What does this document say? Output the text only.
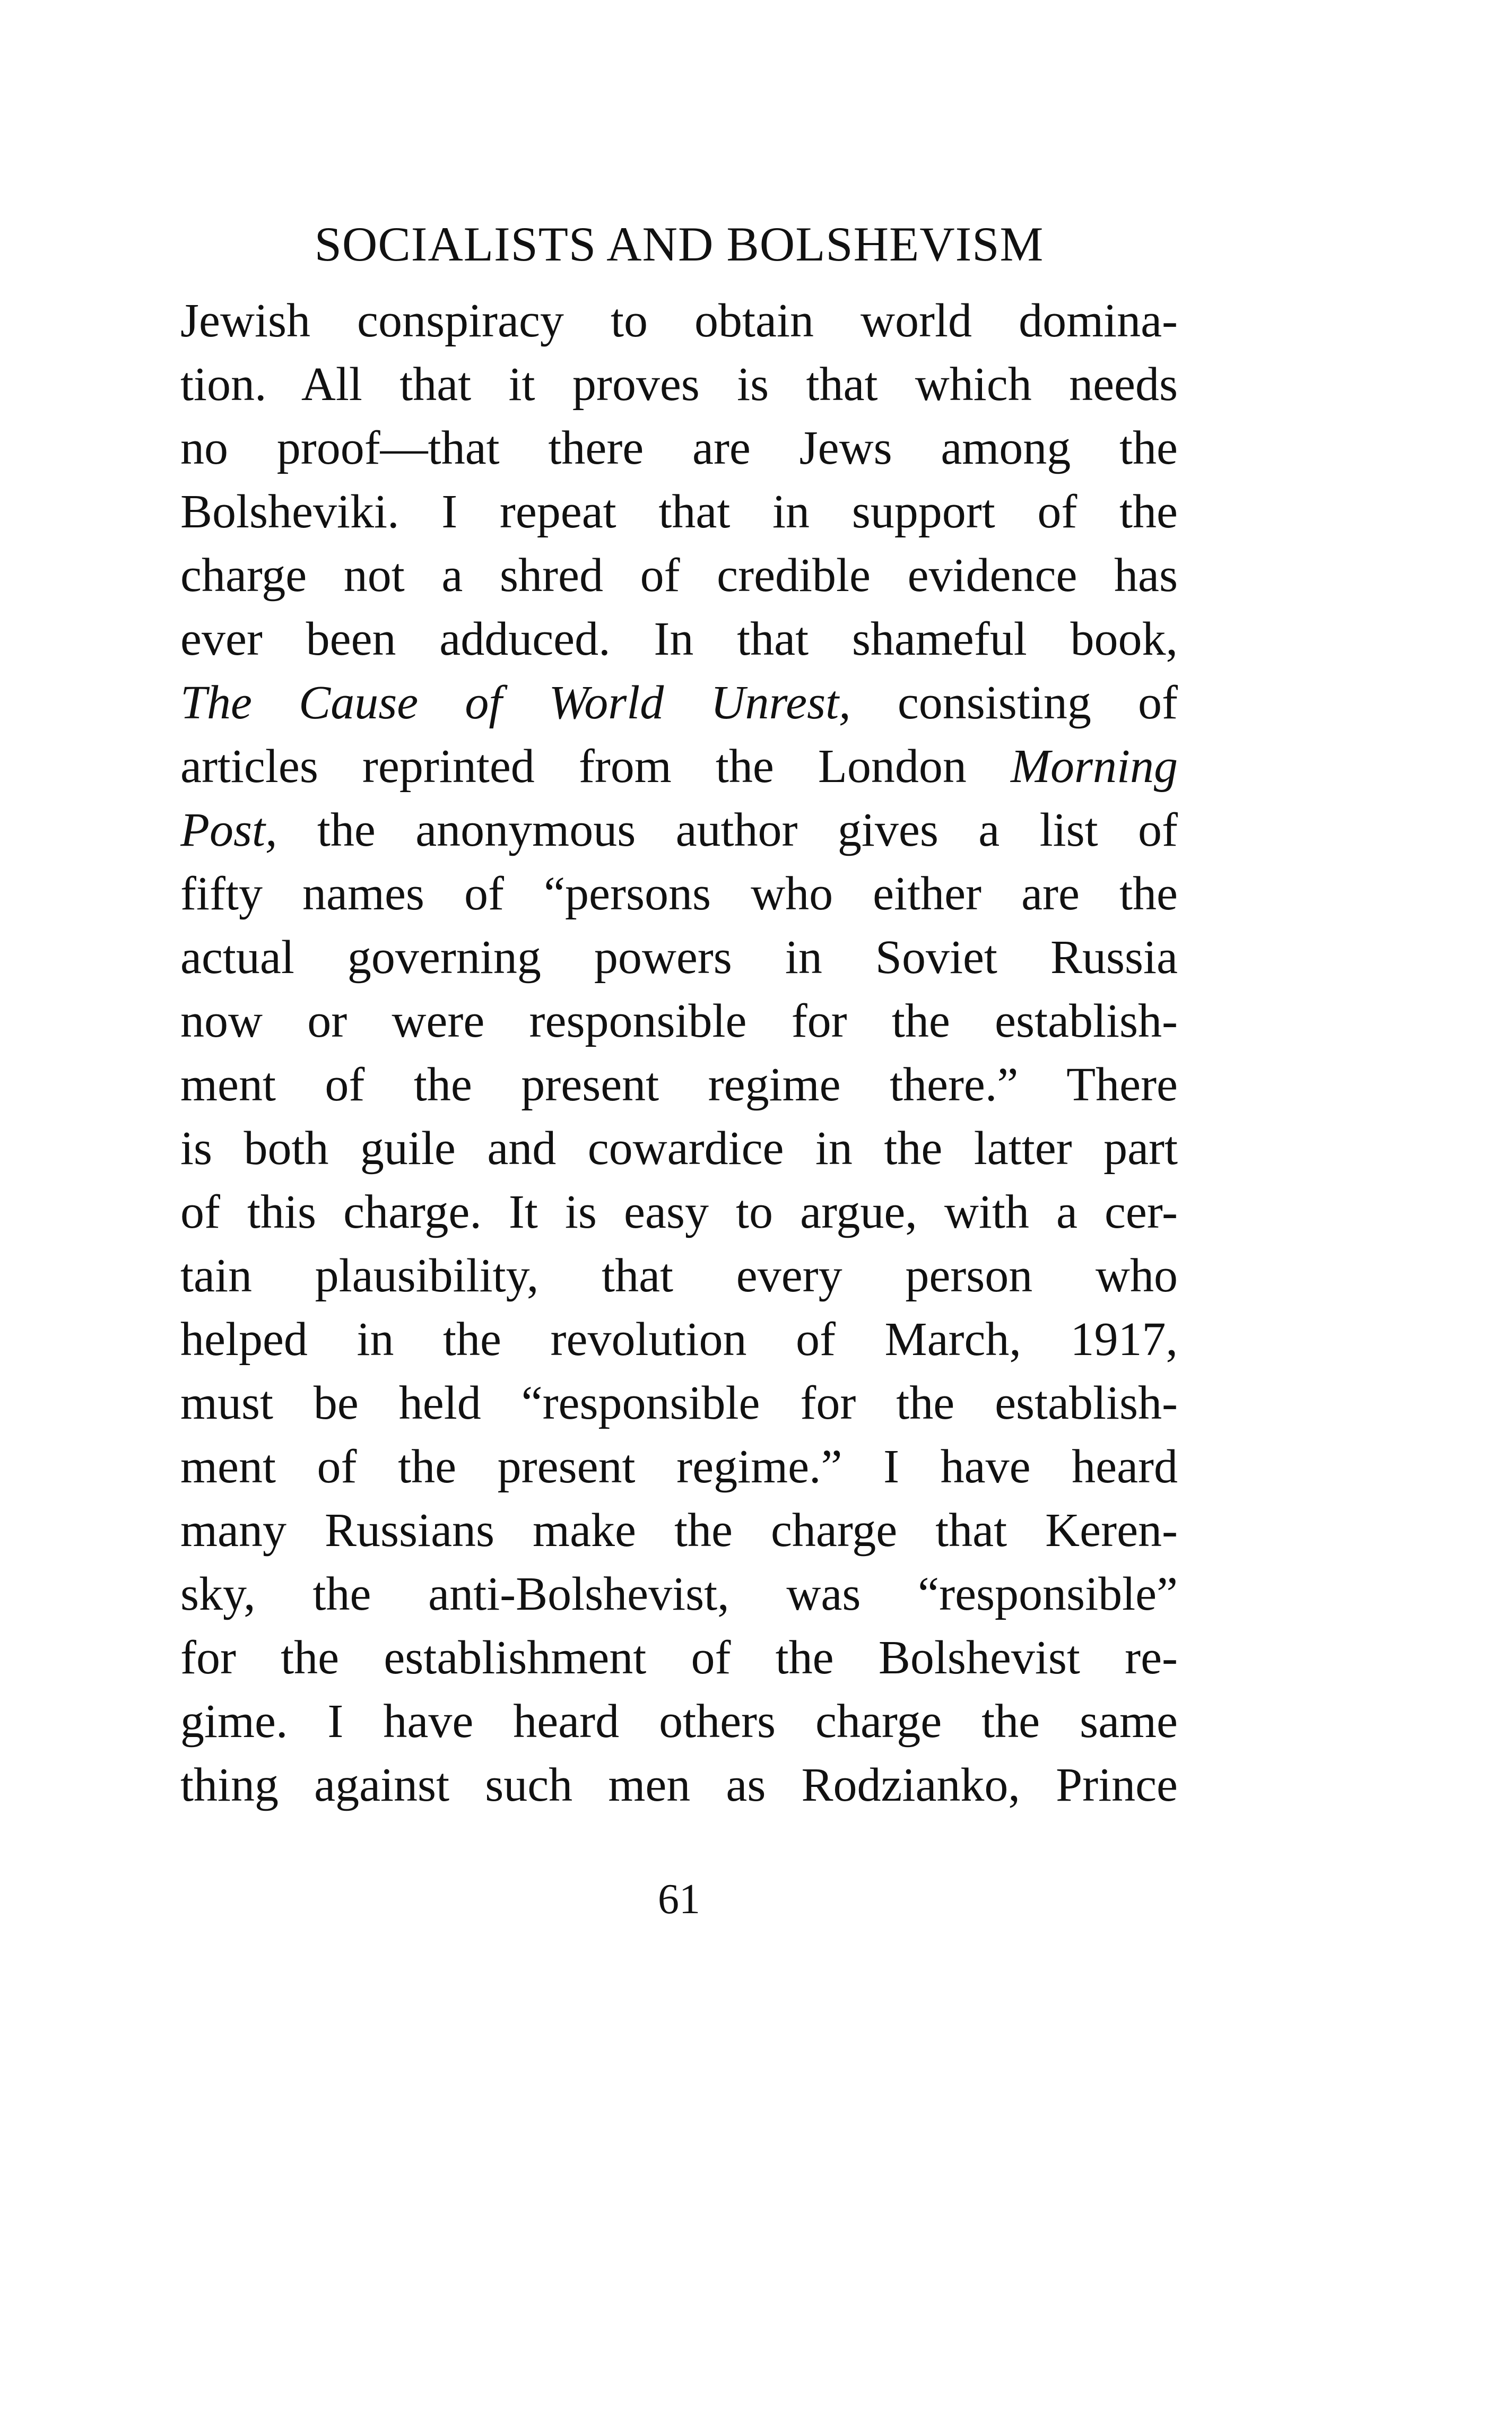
SOCIALISTS AND BOLSHEVISM
Jewish conspiracy to obtain world domina-
tion. All that it proves is that which needs
no proof—that there are Jews among the
Bolsheviki. I repeat that in support of the
charge not a shred of credible evidence has
ever been adduced. In that shameful book,
The Cause of World Unrest, consisting of
articles reprinted from the London Morning
Post, the anonymous author gives a list of
fifty names of “persons who either are the
actual governing powers in Soviet Russia
now or were responsible for the establish-
ment of the present regime there.” There
is both guile and cowardice in the latter part
of this charge. It is easy to argue, with a cer-
tain plausibility, that every person who
helped in the revolution of March, 1917,
must be held “responsible for the establish-
ment of the present regime.” I have heard
many Russians make the charge that Keren-
sky, the anti-Bolshevist, was “responsible”
for the establishment of the Bolshevist re-
gime. I have heard others charge the same
thing against such men as Rodzianko, Prince
61
